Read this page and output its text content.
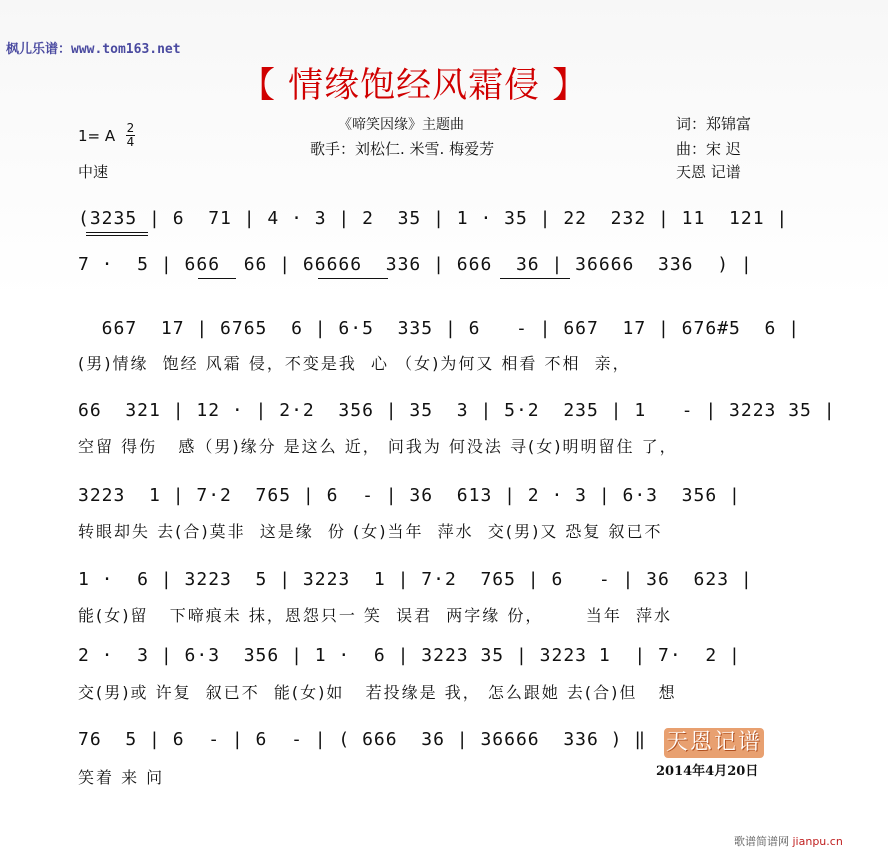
枫儿乐谱：www.tom163.net
【 情缘饱经风霜侵 】
1= A 2
4
中速
《啼笑因缘》主题曲
歌手：刘松仁. 米雪. 梅爱芳
词：郑锦富
曲：宋 迟
天恩 记谱
(3235 | 6  71 | 4 · 3 | 2  35 | 1 · 35 | 22  232 | 11  121 |
7 ·  5 | 666  66 | 66666  336 | 666  36 | 36666  336  ) |
667  17 | 6765  6 | 6·5  335 | 6   - | 667  17 | 676#5  6 |
(男)情缘  饱经 风霜 侵，不变是我  心 （女)为何又 相看 不相  亲，
66  321 | 12 · | 2·2  356 | 35  3 | 5·2  235 | 1   - | 3223 35 |
空留 得伤   感（男)缘分 是这么 近， 问我为 何没法 寻(女)明明留住 了，
3223  1 | 7·2  765 | 6  - | 36  613 | 2 · 3 | 6·3  356 |
转眼却失 去(合)莫非  这是缘  份 (女)当年  萍水  交(男)又 恐复 叙已不
1 ·  6 | 3223  5 | 3223  1 | 7·2  765 | 6   - | 36  623 |
能(女)留   下啼痕未 抹，恩怨只一 笑  误君  两字缘 份，      当年  萍水
2 ·  3 | 6·3  356 | 1 ·  6 | 3223 35 | 3223 1  | 7·  2 |
交(男)或 许复  叙已不  能(女)如   若投缘是 我， 怎么跟她 去(合)但   想
76  5 | 6  - | 6  - | ( 666  36 | 36666  336 ) ‖
笑着 来 问
天恩记谱
2014年4月20日
歌谱简谱网 jianpu.cn
